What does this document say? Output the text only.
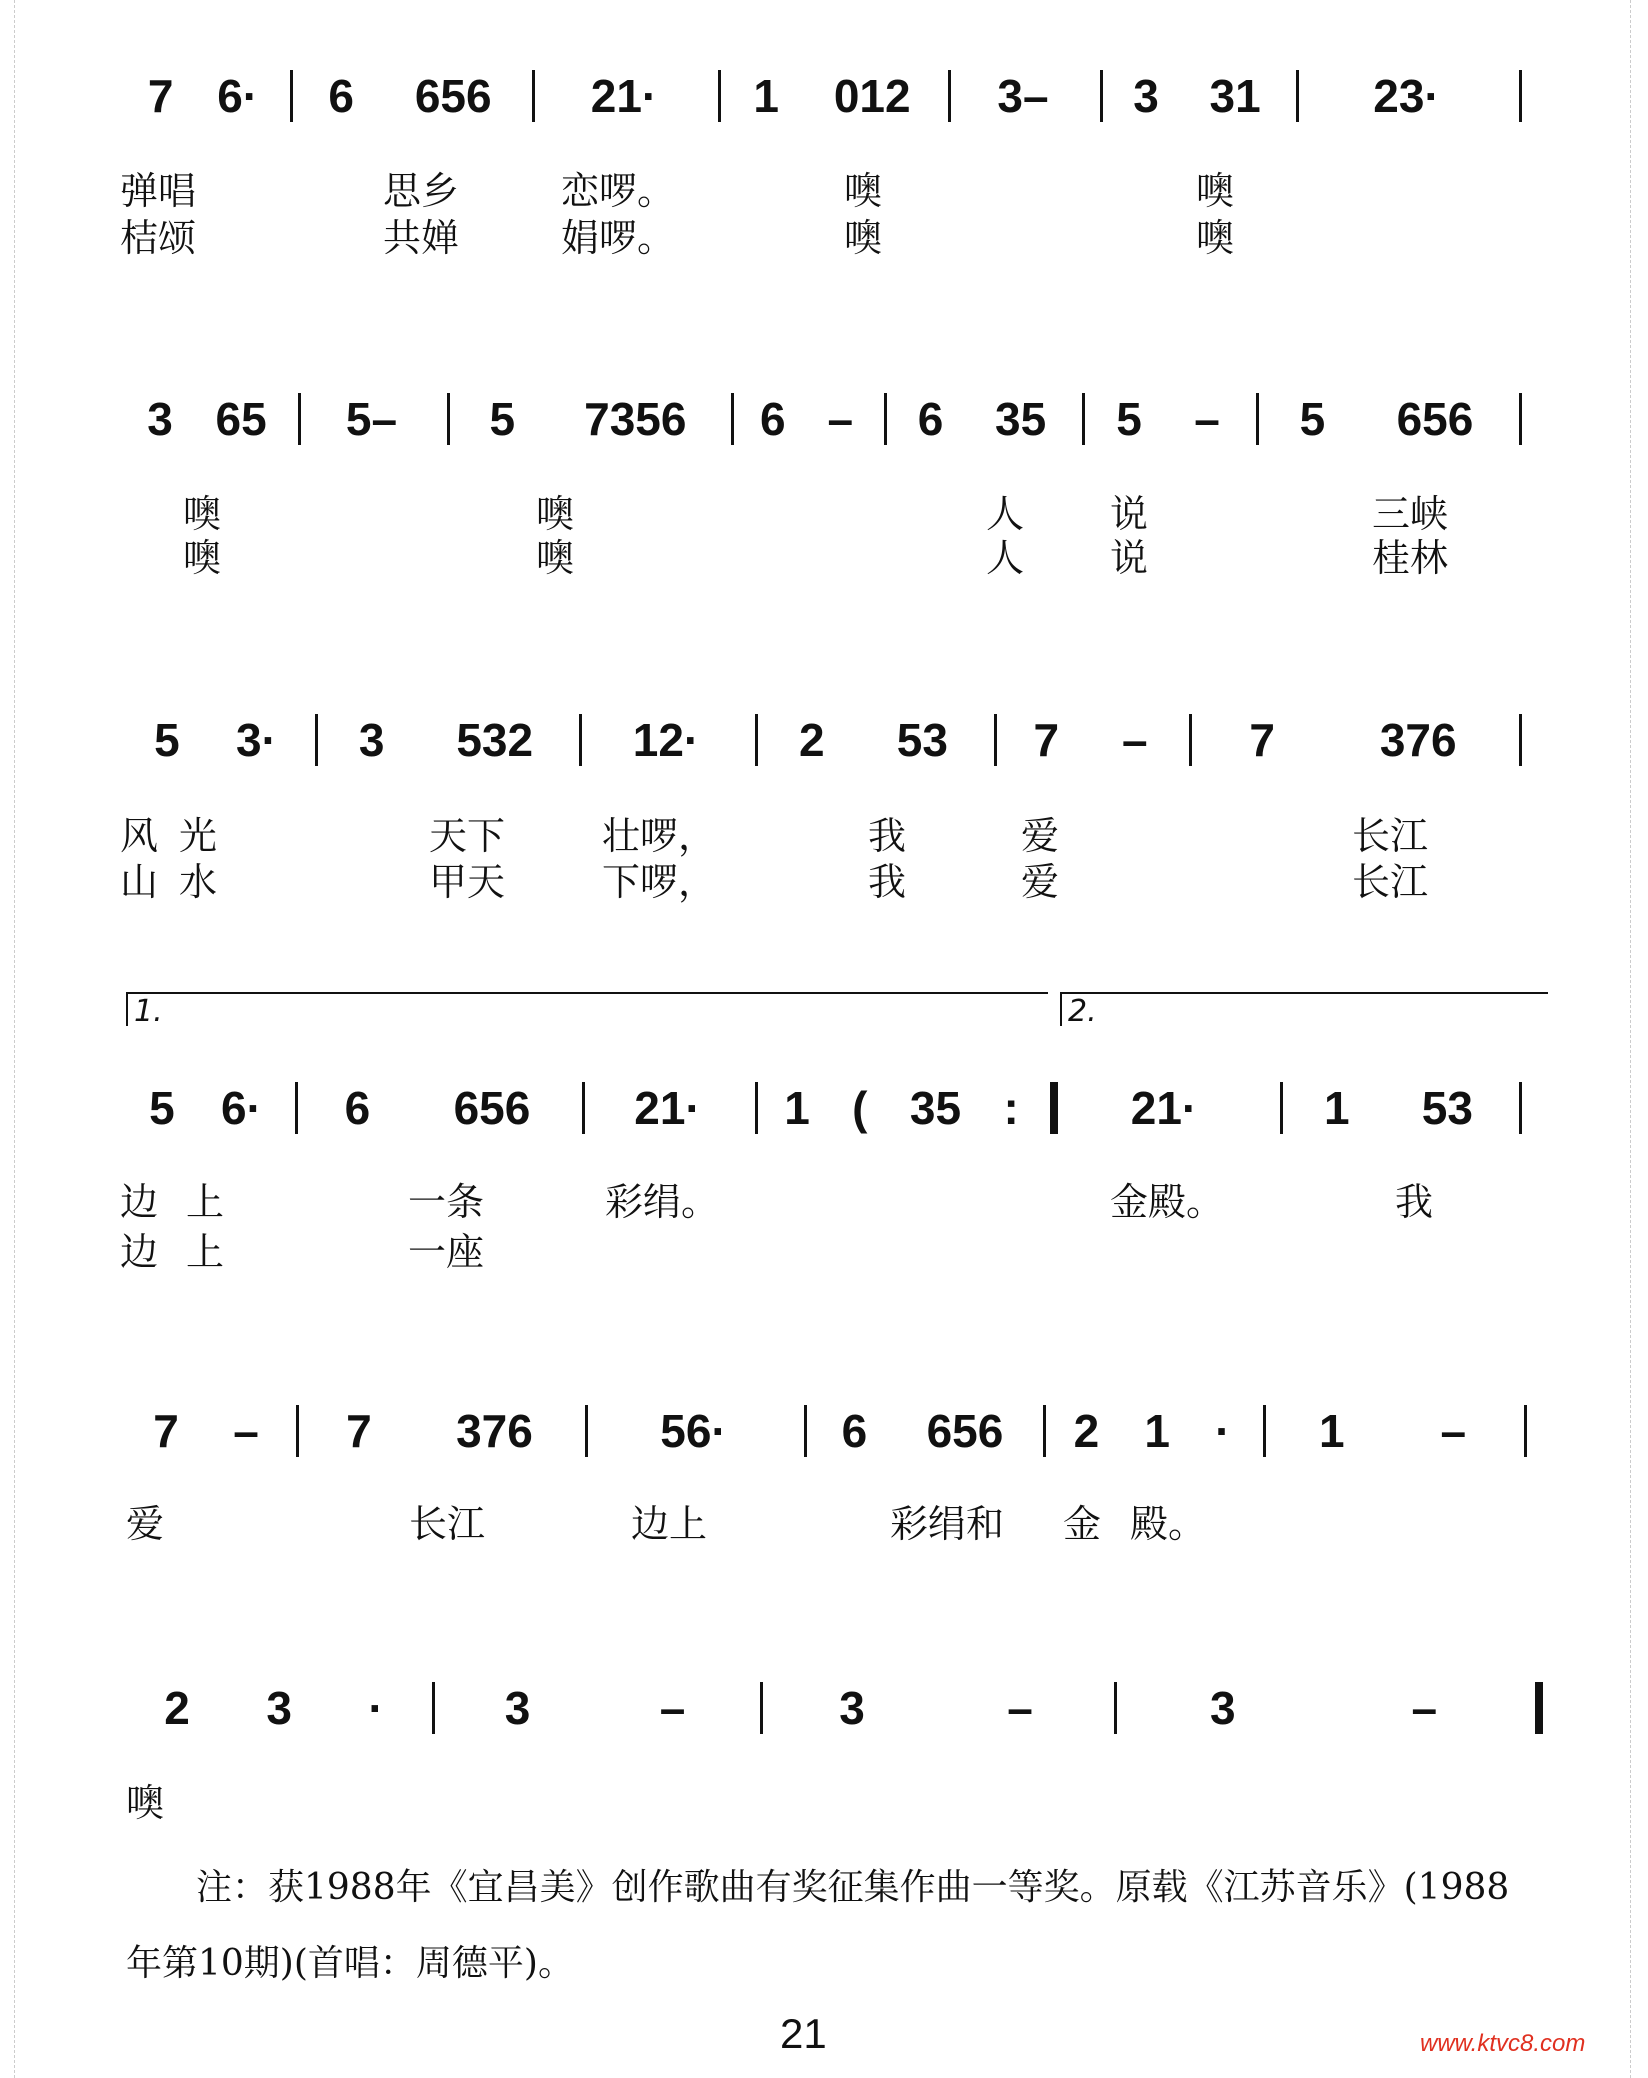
7 6· 6 656 21· 1 012 3– 3 31 23·
弹唱	思乡	恋啰。	噢	噢
桔颂	共婵	娟啰。	噢	噢
3 65 5– 5 7356 6 – 6 35 5 – 5 656
噢	噢	人 说	三峡
噢	噢	人 说	桂林
5 3· 3 532 12· 2 53 7 – 7 376
风 光	天下	壮啰，	我	爱	长江
山 水	甲天	下啰，	我	爱	长江
5 6· 6 656 21· 1 ( 35 : 21·	1 53
1.	2.
边 上	一条	彩绢。	金殿。	我
边 上	一座
7 – 7 376	56· 6 656 2 1 · 1 –
爱	长江	边上	彩绢和 金 殿。
2 3 ·	3	–	3	–	3	–
噢
注：获1988年《宜昌美》创作歌曲有奖征集作曲一等奖。原载《江苏音乐》(1988
年第10期)(首唱：周德平)。
21	www.ktvc8.com
